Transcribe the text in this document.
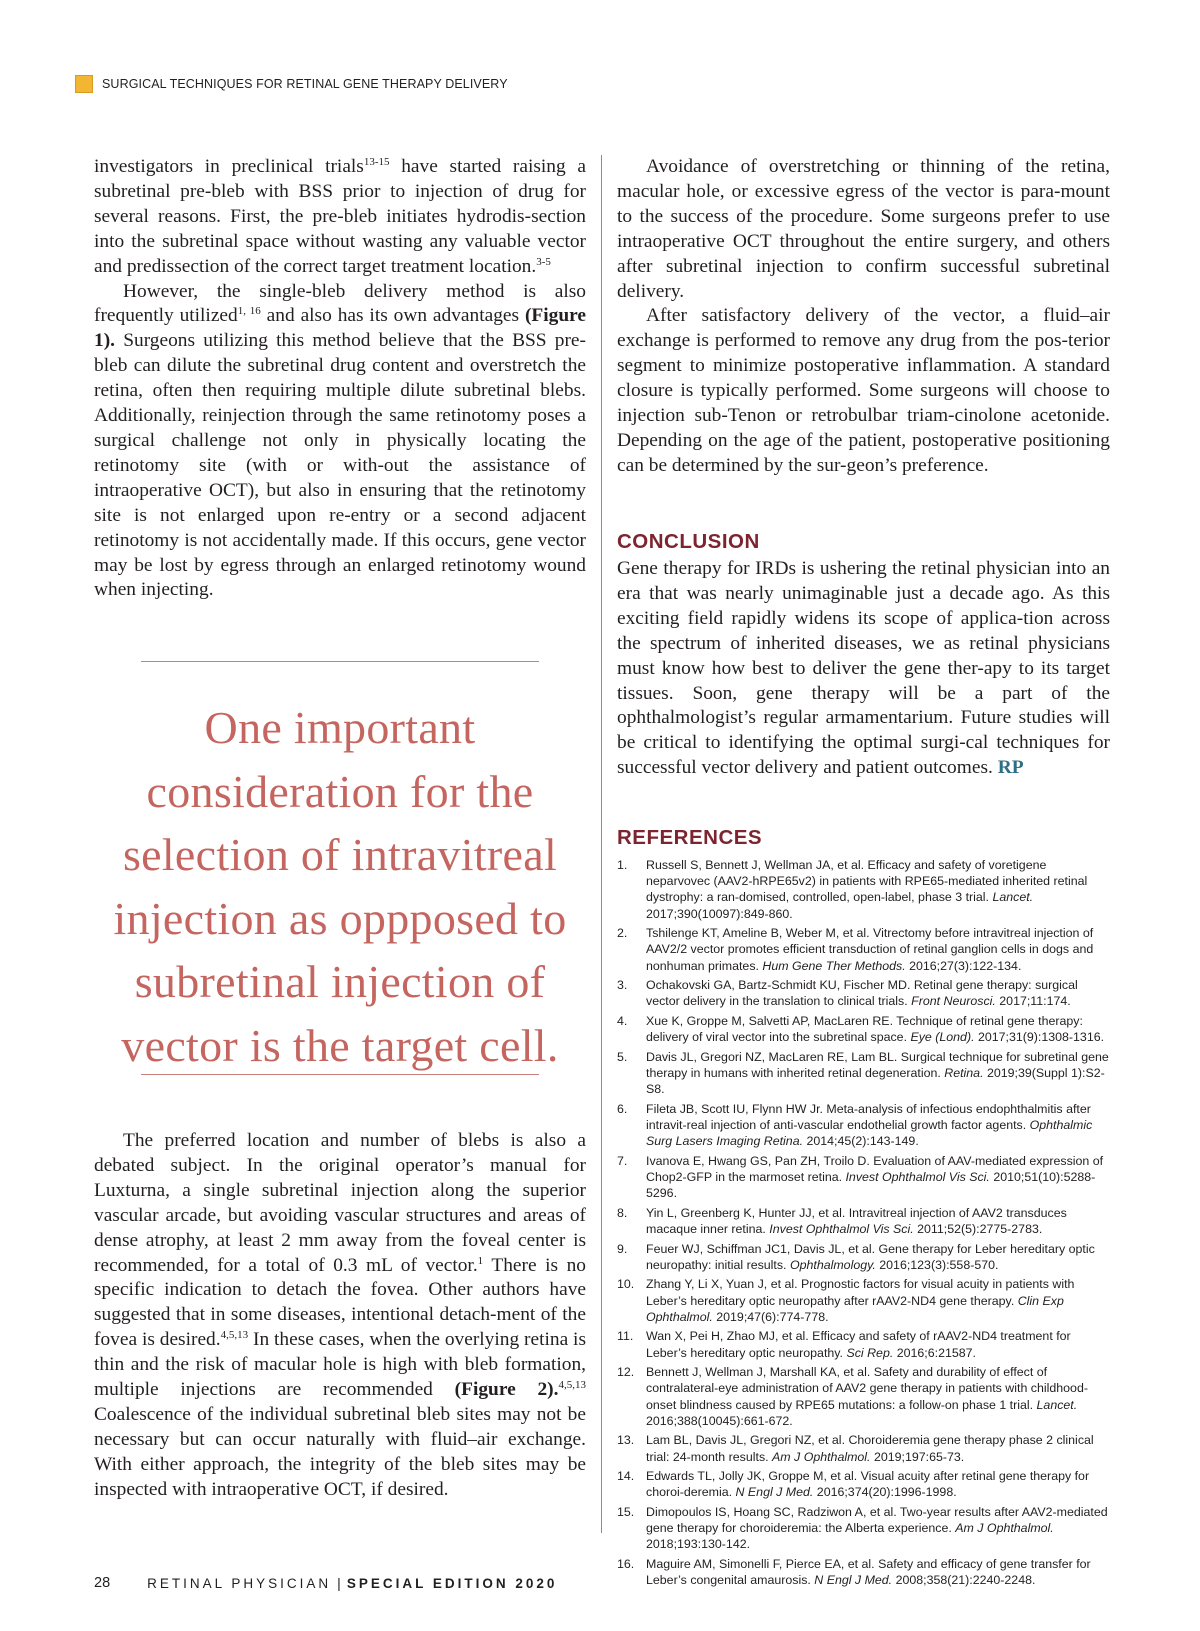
SURGICAL TECHNIQUES FOR RETINAL GENE THERAPY DELIVERY

investigators in preclinical trials$^{13-15}$ have started raising a subretinal pre-bleb with BSS prior to injection of drug for several reasons. First, the pre-bleb initiates hydrodis-section into the subretinal space without wasting any valuable vector and predissection of the correct target treatment location.$^{3-5}$

However, the single-bleb delivery method is also frequently utilized$^{1, 16}$ and also has its own advantages (Figure 1). Surgeons utilizing this method believe that the BSS pre-bleb can dilute the subretinal drug content and overstretch the retina, often then requiring multiple dilute subretinal blebs. Additionally, reinjection through the same retinotomy poses a surgical challenge not only in physically locating the retinotomy site (with or with-out the assistance of intraoperative OCT), but also in ensuring that the retinotomy site is not enlarged upon re-entry or a second adjacent retinotomy is not accidentally made. If this occurs, gene vector may be lost by egress through an enlarged retinotomy wound when injecting.

One important consideration for the selection of intravitreal injection as oppposed to subretinal injection of vector is the target cell.

The preferred location and number of blebs is also a debated subject. In the original operator’s manual for Luxturna, a single subretinal injection along the superior vascular arcade, but avoiding vascular structures and areas of dense atrophy, at least 2 mm away from the foveal center is recommended, for a total of 0.3 mL of vector.$^1$ There is no specific indication to detach the fovea. Other authors have suggested that in some diseases, intentional detach-ment of the fovea is desired.$^{4,5,13}$ In these cases, when the overlying retina is thin and the risk of macular hole is high with bleb formation, multiple injections are recommended (Figure 2).$^{4,5,13}$ Coalescence of the individual subretinal bleb sites may not be necessary but can occur naturally with fluid–air exchange. With either approach, the integrity of the bleb sites may be inspected with intraoperative OCT, if desired.

Avoidance of overstretching or thinning of the retina, macular hole, or excessive egress of the vector is para-mount to the success of the procedure. Some surgeons prefer to use intraoperative OCT throughout the entire surgery, and others after subretinal injection to confirm successful subretinal delivery.

After satisfactory delivery of the vector, a fluid–air exchange is performed to remove any drug from the pos-terior segment to minimize postoperative inflammation. A standard closure is typically performed. Some surgeons will choose to injection sub-Tenon or retrobulbar triam-cinolone acetonide. Depending on the age of the patient, postoperative positioning can be determined by the sur-geon’s preference.

CONCLUSION

Gene therapy for IRDs is ushering the retinal physician into an era that was nearly unimaginable just a decade ago. As this exciting field rapidly widens its scope of applica-tion across the spectrum of inherited diseases, we as retinal physicians must know how best to deliver the gene ther-apy to its target tissues. Soon, gene therapy will be a part of the ophthalmologist’s regular armamentarium. Future studies will be critical to identifying the optimal surgi-cal techniques for successful vector delivery and patient outcomes. RP

REFERENCES
1.	Russell S, Bennett J, Wellman JA, et al. Efficacy and safety of voretigene neparvovec (AAV2-hRPE65v2) in patients with RPE65-mediated inherited retinal dystrophy: a ran-domised, controlled, open-label, phase 3 trial. Lancet. 2017;390(10097):849-860.
2.	Tshilenge KT, Ameline B, Weber M, et al. Vitrectomy before intravitreal injection of AAV2/2 vector promotes efficient transduction of retinal ganglion cells in dogs and nonhuman primates. Hum Gene Ther Methods. 2016;27(3):122-134.
3.	Ochakovski GA, Bartz-Schmidt KU, Fischer MD. Retinal gene therapy: surgical vector delivery in the translation to clinical trials. Front Neurosci. 2017;11:174.
4.	Xue K, Groppe M, Salvetti AP, MacLaren RE. Technique of retinal gene therapy: delivery of viral vector into the subretinal space. Eye (Lond). 2017;31(9):1308-1316.
5.	Davis JL, Gregori NZ, MacLaren RE, Lam BL. Surgical technique for subretinal gene therapy in humans with inherited retinal degeneration. Retina. 2019;39(Suppl 1):S2-S8.
6.	Fileta JB, Scott IU, Flynn HW Jr. Meta-analysis of infectious endophthalmitis after intravit-real injection of anti-vascular endothelial growth factor agents. Ophthalmic Surg Lasers Imaging Retina. 2014;45(2):143-149.
7.	Ivanova E, Hwang GS, Pan ZH, Troilo D. Evaluation of AAV-mediated expression of Chop2-GFP in the marmoset retina. Invest Ophthalmol Vis Sci. 2010;51(10):5288-5296.
8.	Yin L, Greenberg K, Hunter JJ, et al. Intravitreal injection of AAV2 transduces macaque inner retina. Invest Ophthalmol Vis Sci. 2011;52(5):2775-2783.
9.	Feuer WJ, Schiffman JC1, Davis JL, et al. Gene therapy for Leber hereditary optic neuropathy: initial results. Ophthalmology. 2016;123(3):558-570.
10. Zhang Y, Li X, Yuan J, et al. Prognostic factors for visual acuity in patients with Leber’s hereditary optic neuropathy after rAAV2-ND4 gene therapy. Clin Exp Ophthalmol. 2019;47(6):774-778.
11.	Wan X, Pei H, Zhao MJ, et al. Efficacy and safety of rAAV2-ND4 treatment for Leber’s hereditary optic neuropathy. Sci Rep. 2016;6:21587.
12. Bennett J, Wellman J, Marshall KA, et al. Safety and durability of effect of contralateral-eye administration of AAV2 gene therapy in patients with childhood-onset blindness caused by RPE65 mutations: a follow-on phase 1 trial. Lancet. 2016;388(10045):661-672.
13. Lam BL, Davis JL, Gregori NZ, et al. Choroideremia gene therapy phase 2 clinical trial: 24-month results. Am J Ophthalmol. 2019;197:65-73.
14. Edwards TL, Jolly JK, Groppe M, et al. Visual acuity after retinal gene therapy for choroi-deremia. N Engl J Med. 2016;374(20):1996-1998.
15. Dimopoulos IS, Hoang SC, Radziwon A, et al. Two-year results after AAV2-mediated gene therapy for choroideremia: the Alberta experience. Am J Ophthalmol. 2018;193:130-142.
16. Maguire AM, Simonelli F, Pierce EA, et al. Safety and efficacy of gene transfer for Leber’s congenital amaurosis. N Engl J Med. 2008;358(21):2240-2248.
28	RETINAL PHYSICIAN | SPECIAL EDITION 2020
